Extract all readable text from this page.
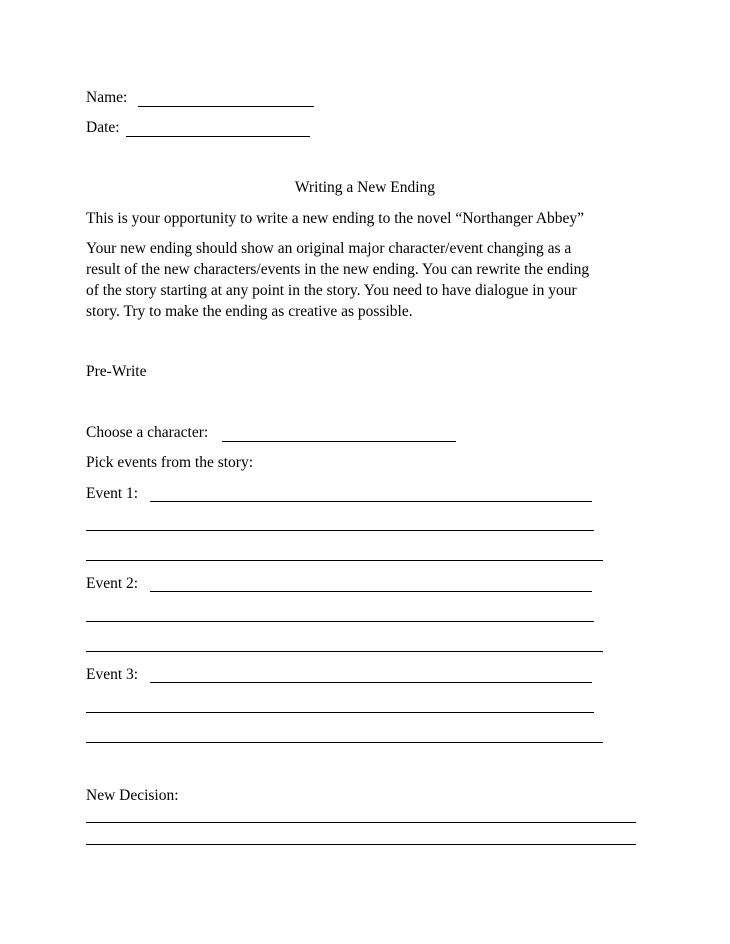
Name:
Date:
Writing a New Ending
This is your opportunity to write a new ending to the novel “Northanger Abbey”
Your new ending should show an original major character/event changing as a
result of the new characters/events in the new ending. You can rewrite the ending
of the story starting at any point in the story. You need to have dialogue in your
story. Try to make the ending as creative as possible.
Pre-Write
Choose a character:
Pick events from the story:
Event 1:
Event 2:
Event 3:
New Decision:
